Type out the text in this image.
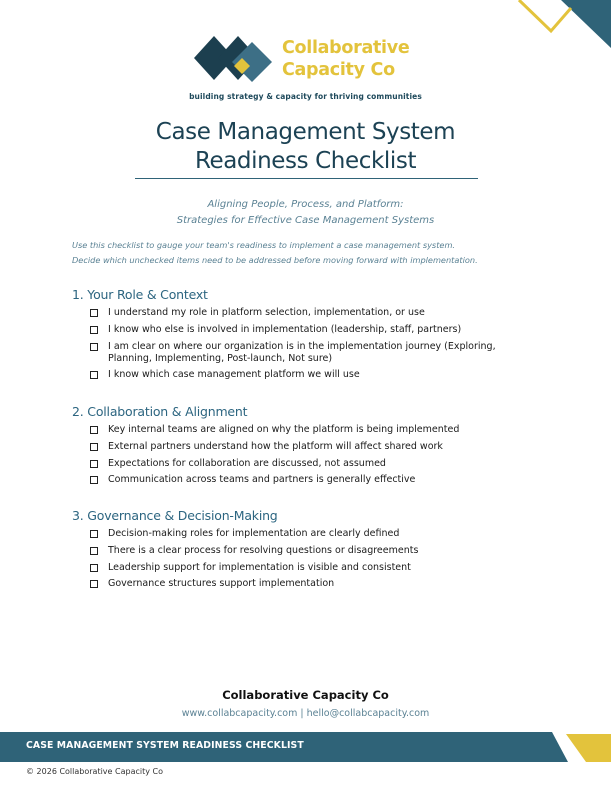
Collaborative
Capacity Co
building strategy & capacity for thriving communities
Case Management System
Readiness Checklist
Aligning People, Process, and Platform:
Strategies for Effective Case Management Systems
Use this checklist to gauge your team's readiness to implement a case management system.
Decide which unchecked items need to be addressed before moving forward with implementation.
1. Your Role & Context
I understand my role in platform selection, implementation, or use
I know who else is involved in implementation (leadership, staff, partners)
I am clear on where our organization is in the implementation journey (Exploring,
Planning, Implementing, Post-launch, Not sure)
I know which case management platform we will use
2. Collaboration & Alignment
Key internal teams are aligned on why the platform is being implemented
External partners understand how the platform will affect shared work
Expectations for collaboration are discussed, not assumed
Communication across teams and partners is generally effective
3. Governance & Decision-Making
Decision-making roles for implementation are clearly defined
There is a clear process for resolving questions or disagreements
Leadership support for implementation is visible and consistent
Governance structures support implementation
Collaborative Capacity Co
www.collabcapacity.com | hello@collabcapacity.com
CASE MANAGEMENT SYSTEM READINESS CHECKLIST
© 2026 Collaborative Capacity Co
